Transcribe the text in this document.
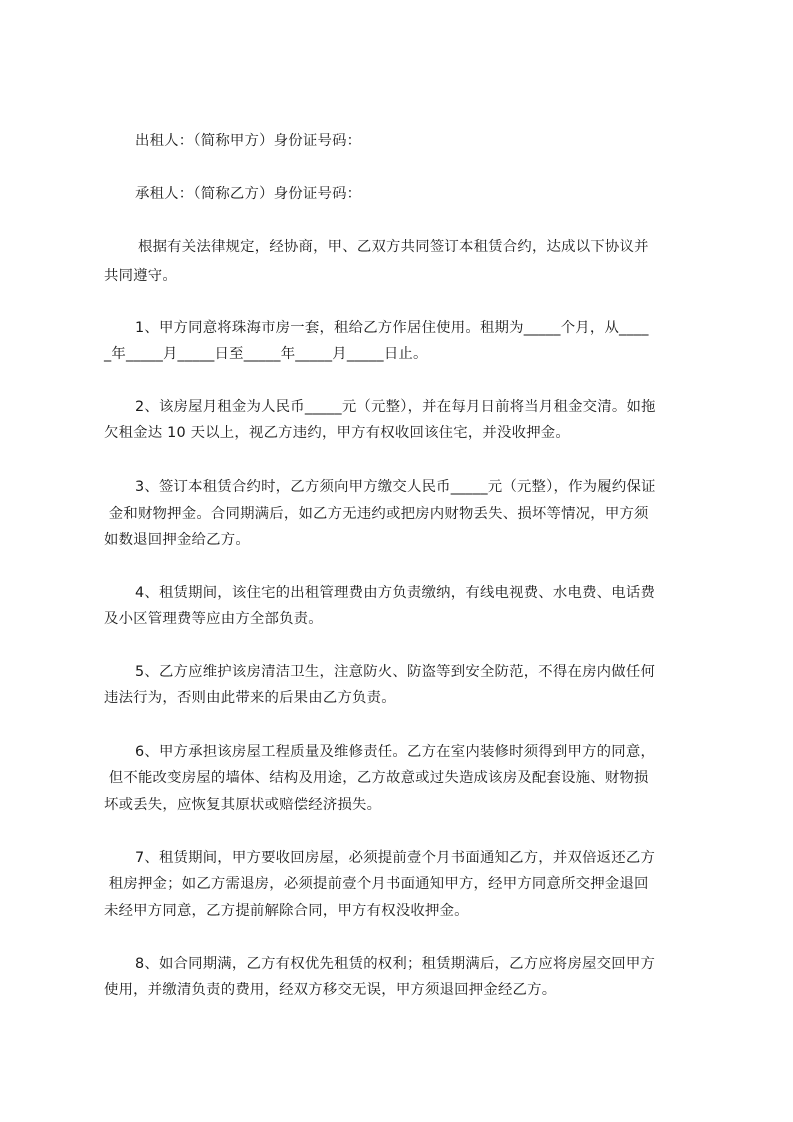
出租人：（简称甲方）身份证号码：

承租人：（简称乙方）身份证号码：

根据有关法律规定，经协商，甲、乙双方共同签订本租赁合约，达成以下协议并

共同遵守。

1、甲方同意将珠海市房一套，租给乙方作居住使用。租期为_____个月，从____

_年_____月_____日至_____年_____月_____日止。

2、该房屋月租金为人民币_____元（元整），并在每月日前将当月租金交清。如拖

欠租金达 10 天以上，视乙方违约，甲方有权收回该住宅，并没收押金。

3、签订本租赁合约时，乙方须向甲方缴交人民币_____元（元整），作为履约保证

金和财物押金。合同期满后，如乙方无违约或把房内财物丢失、损坏等情况，甲方须

如数退回押金给乙方。

4、租赁期间，该住宅的出租管理费由方负责缴纳，有线电视费、水电费、电话费

及小区管理费等应由方全部负责。

5、乙方应维护该房清洁卫生，注意防火、防盗等到安全防范，不得在房内做任何

违法行为，否则由此带来的后果由乙方负责。

6、甲方承担该房屋工程质量及维修责任。乙方在室内装修时须得到甲方的同意，

但不能改变房屋的墙体、结构及用途，乙方故意或过失造成该房及配套设施、财物损

坏或丢失，应恢复其原状或赔偿经济损失。

7、租赁期间，甲方要收回房屋，必须提前壹个月书面通知乙方，并双倍返还乙方

租房押金；如乙方需退房，必须提前壹个月书面通知甲方，经甲方同意所交押金退回

未经甲方同意，乙方提前解除合同，甲方有权没收押金。

8、如合同期满，乙方有权优先租赁的权利；租赁期满后，乙方应将房屋交回甲方

使用，并缴清负责的费用，经双方移交无误，甲方须退回押金经乙方。
